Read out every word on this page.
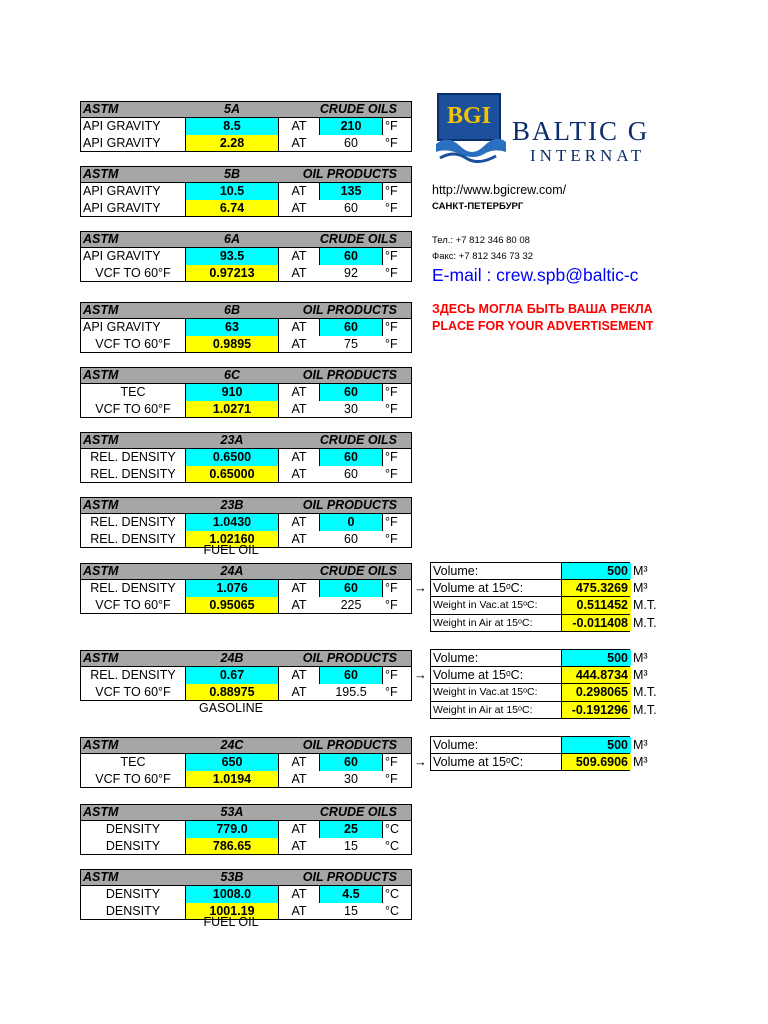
ASTM	5A	CRUDE OILS
API GRAVITY	8.5	AT	210	°F
API GRAVITY	2.28	AT	60	°F
ASTM	5B	OIL PRODUCTS
API GRAVITY	10.5	AT	135	°F
API GRAVITY	6.74	AT	60	°F
ASTM	6A	CRUDE OILS
API GRAVITY	93.5	AT	60	°F
VCF TO 60°F	0.97213	AT	92	°F
ASTM	6B	OIL PRODUCTS
API GRAVITY	63	AT	60	°F
VCF TO 60°F	0.9895	AT	75	°F
ASTM	6C	OIL PRODUCTS
TEC	910	AT	60	°F
VCF TO 60°F	1.0271	AT	30	°F
ASTM	23A	CRUDE OILS
REL. DENSITY	0.6500	AT	60	°F
REL. DENSITY	0.65000	AT	60	°F
ASTM	23B	OIL PRODUCTS
REL. DENSITY	1.0430	AT	0	°F
REL. DENSITY	1.02160	AT	60	°F
ASTM	24A	CRUDE OILS
REL. DENSITY	1.076	AT	60	°F
VCF TO 60°F	0.95065	AT	225	°F
ASTM	24B	OIL PRODUCTS
REL. DENSITY	0.67	AT	60	°F
VCF TO 60°F	0.88975	AT	195.5	°F
ASTM	24C	OIL PRODUCTS
TEC	650	AT	60	°F
VCF TO 60°F	1.0194	AT	30	°F
ASTM	53A	CRUDE OILS
DENSITY	779.0	AT	25	°C
DENSITY	786.65	AT	15	°C
ASTM	53B	OIL PRODUCTS
DENSITY	1008.0	AT	4.5	°C
DENSITY	1001.19	AT	15	°C
Volume:	500 M³
Volume at 15ᵒC:	475.3269 M³
Weight in Vac.at 15ᵒC:	0.511452 M.T.
Weight in Air at 15ᵒC:	-0.011408 M.T.
Volume:	500 M³
Volume at 15ᵒC:	444.8734 M³
Weight in Vac.at 15ᵒC:	0.298065 M.T.
Weight in Air at 15ᵒC:	-0.191296 M.T.
Volume:	500 M³
Volume at 15ᵒC:	509.6906 M³
BGI BALTIC G
INTERNAT
http://www.bgicrew.com/
САНКТ-ПЕТЕРБУРГ
Тел.: +7 812 346 80 08
Факс: +7 812 346 73 32
E-mail : crew.spb@baltic-c
ЗДЕСЬ МОГЛА БЫТЬ ВАША РЕКЛА
PLACE FOR YOUR ADVERTISEMENT
FUEL OIL
GASOLINE
FUEL OIL
→
→
→
